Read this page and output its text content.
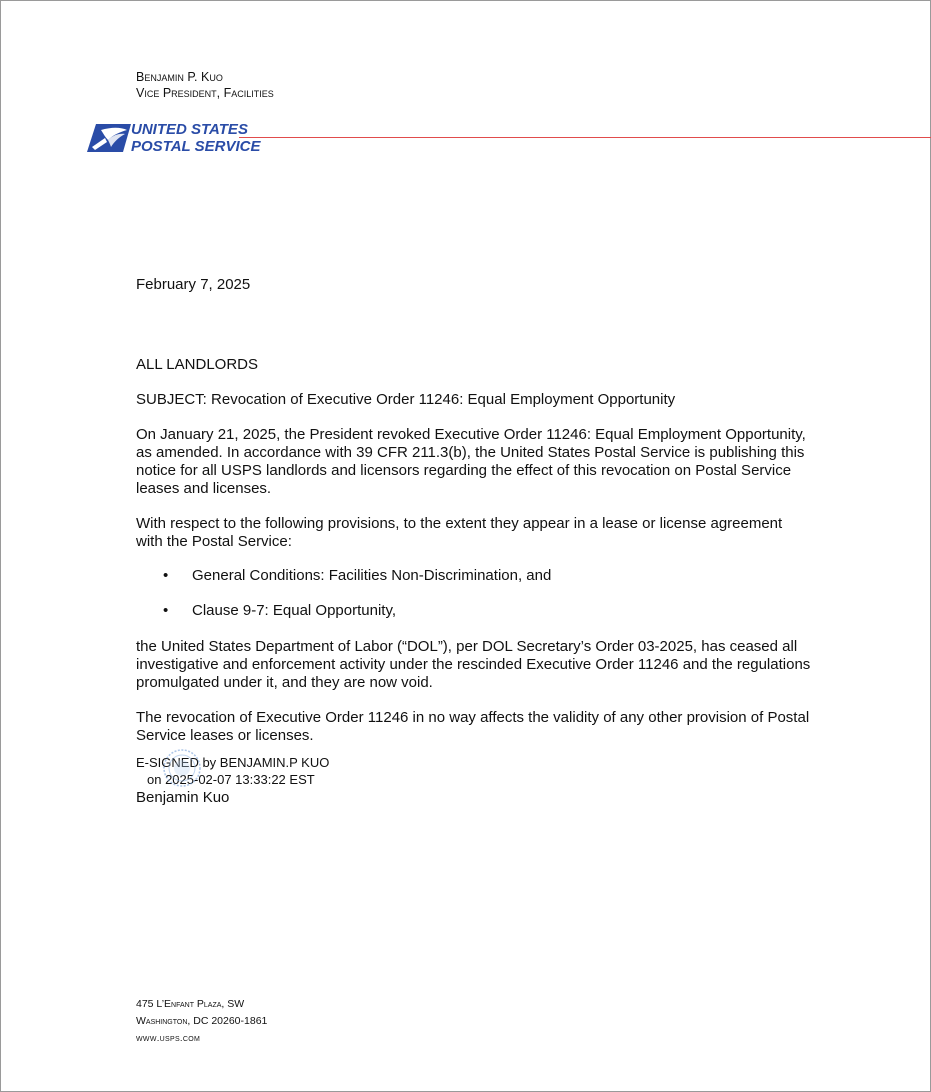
Benjamin P. Kuo
Vice President, Facilities
UNITED STATES
POSTAL SERVICE
February 7, 2025

ALL LANDLORDS

SUBJECT: Revocation of Executive Order 11246: Equal Employment Opportunity

On January 21, 2025, the President revoked Executive Order 11246: Equal Employment Opportunity, as amended. In accordance with 39 CFR 211.3(b), the United States Postal Service is publishing this notice for all USPS landlords and licensors regarding the effect of this revocation on Postal Service leases and licenses.

With respect to the following provisions, to the extent they appear in a lease or license agreement with the Postal Service:

• General Conditions: Facilities Non-Discrimination, and
• Clause 9-7: Equal Opportunity,

the United States Department of Labor (“DOL”), per DOL Secretary’s Order 03-2025, has ceased all investigative and enforcement activity under the rescinded Executive Order 11246 and the regulations promulgated under it, and they are now void.

The revocation of Executive Order 11246 in no way affects the validity of any other provision of Postal Service leases or licenses.

E-SIGNED by BENJAMIN.P KUO
on 2025-02-07 13:33:22 EST
Benjamin Kuo
475 L’Enfant Plaza, SW
Washington, DC 20260-1861
www.usps.com
